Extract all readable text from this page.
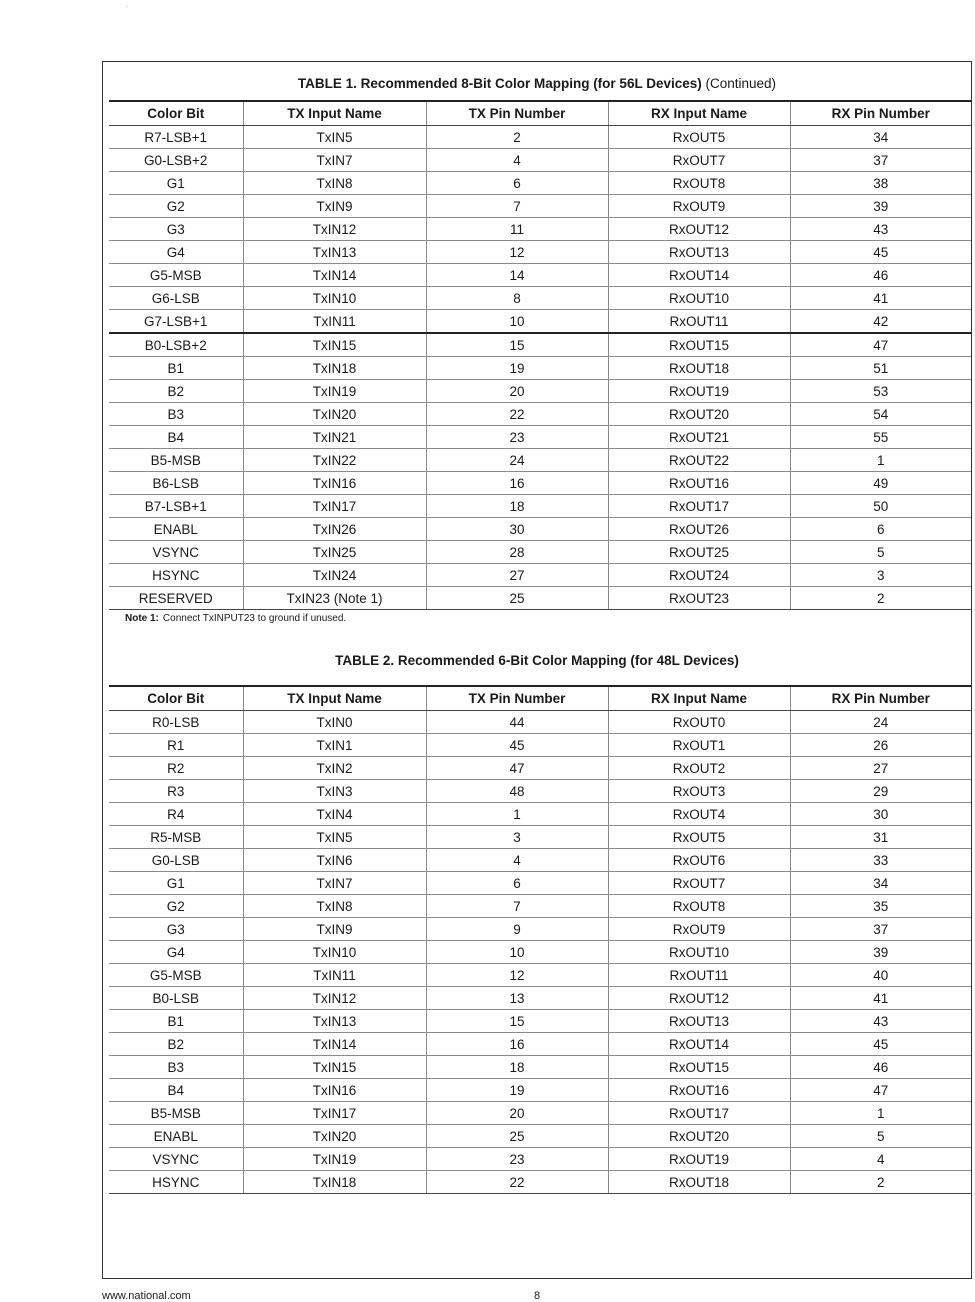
.
TABLE 1. Recommended 8-Bit Color Mapping (for 56L Devices) (Continued)
Color Bit	TX Input Name	TX Pin Number	RX Input Name	RX Pin Number
R7-LSB+1	TxIN5	2	RxOUT5	34
G0-LSB+2	TxIN7	4	RxOUT7	37
G1	TxIN8	6	RxOUT8	38
G2	TxIN9	7	RxOUT9	39
G3	TxIN12	11	RxOUT12	43
G4	TxIN13	12	RxOUT13	45
G5-MSB	TxIN14	14	RxOUT14	46
G6-LSB	TxIN10	8	RxOUT10	41
G7-LSB+1	TxIN11	10	RxOUT11	42
B0-LSB+2	TxIN15	15	RxOUT15	47
B1	TxIN18	19	RxOUT18	51
B2	TxIN19	20	RxOUT19	53
B3	TxIN20	22	RxOUT20	54
B4	TxIN21	23	RxOUT21	55
B5-MSB	TxIN22	24	RxOUT22	1
B6-LSB	TxIN16	16	RxOUT16	49
B7-LSB+1	TxIN17	18	RxOUT17	50
ENABL	TxIN26	30	RxOUT26	6
VSYNC	TxIN25	28	RxOUT25	5
HSYNC	TxIN24	27	RxOUT24	3
RESERVED	TxIN23 (Note 1)	25	RxOUT23	2
Note 1: Connect TxINPUT23 to ground if unused.
TABLE 2. Recommended 6-Bit Color Mapping (for 48L Devices)
Color Bit	TX Input Name	TX Pin Number	RX Input Name	RX Pin Number
R0-LSB	TxIN0	44	RxOUT0	24
R1	TxIN1	45	RxOUT1	26
R2	TxIN2	47	RxOUT2	27
R3	TxIN3	48	RxOUT3	29
R4	TxIN4	1	RxOUT4	30
R5-MSB	TxIN5	3	RxOUT5	31
G0-LSB	TxIN6	4	RxOUT6	33
G1	TxIN7	6	RxOUT7	34
G2	TxIN8	7	RxOUT8	35
G3	TxIN9	9	RxOUT9	37
G4	TxIN10	10	RxOUT10	39
G5-MSB	TxIN11	12	RxOUT11	40
B0-LSB	TxIN12	13	RxOUT12	41
B1	TxIN13	15	RxOUT13	43
B2	TxIN14	16	RxOUT14	45
B3	TxIN15	18	RxOUT15	46
B4	TxIN16	19	RxOUT16	47
B5-MSB	TxIN17	20	RxOUT17	1
ENABL	TxIN20	25	RxOUT20	5
VSYNC	TxIN19	23	RxOUT19	4
HSYNC	TxIN18	22	RxOUT18	2
www.national.com	8
